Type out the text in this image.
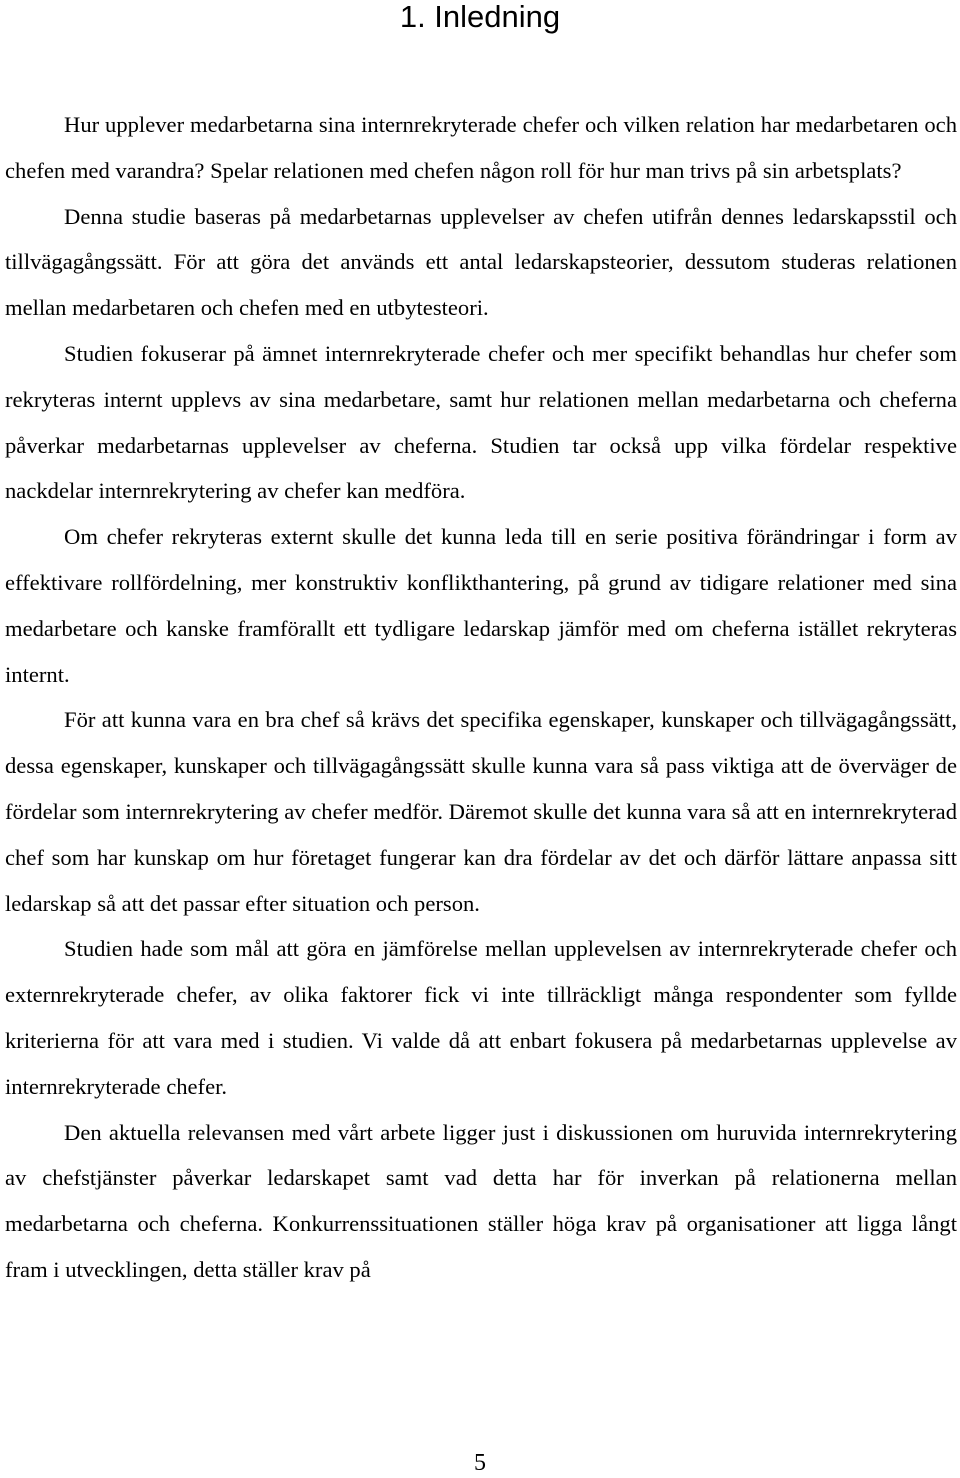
1. Inledning

Hur upplever medarbetarna sina internrekryterade chefer och vilken relation har medarbetaren och chefen med varandra? Spelar relationen med chefen någon roll för hur man trivs på sin arbetsplats?

Denna studie baseras på medarbetarnas upplevelser av chefen utifrån dennes ledarskapsstil och tillvägagångssätt. För att göra det används ett antal ledarskapsteorier, dessutom studeras relationen mellan medarbetaren och chefen med en utbytesteori.

Studien fokuserar på ämnet internrekryterade chefer och mer specifikt behandlas hur chefer som rekryteras internt upplevs av sina medarbetare, samt hur relationen mellan medarbetarna och cheferna påverkar medarbetarnas upplevelser av cheferna. Studien tar också upp vilka fördelar respektive nackdelar internrekrytering av chefer kan medföra.

Om chefer rekryteras externt skulle det kunna leda till en serie positiva förändringar i form av effektivare rollfördelning, mer konstruktiv konflikthantering, på grund av tidigare relationer med sina medarbetare och kanske framförallt ett tydligare ledarskap jämför med om cheferna istället rekryteras internt.

För att kunna vara en bra chef så krävs det specifika egenskaper, kunskaper och tillvägagångssätt, dessa egenskaper, kunskaper och tillvägagångssätt skulle kunna vara så pass viktiga att de överväger de fördelar som internrekrytering av chefer medför. Däremot skulle det kunna vara så att en internrekryterad chef som har kunskap om hur företaget fungerar kan dra fördelar av det och därför lättare anpassa sitt ledarskap så att det passar efter situation och person.

Studien hade som mål att göra en jämförelse mellan upplevelsen av internrekryterade chefer och externrekryterade chefer, av olika faktorer fick vi inte tillräckligt många respondenter som fyllde kriterierna för att vara med i studien. Vi valde då att enbart fokusera på medarbetarnas upplevelse av internrekryterade chefer.

Den aktuella relevansen med vårt arbete ligger just i diskussionen om huruvida internrekrytering av chefstjänster påverkar ledarskapet samt vad detta har för inverkan på relationerna mellan medarbetarna och cheferna. Konkurrenssituationen ställer höga krav på organisationer att ligga långt fram i utvecklingen, detta ställer krav på

5
